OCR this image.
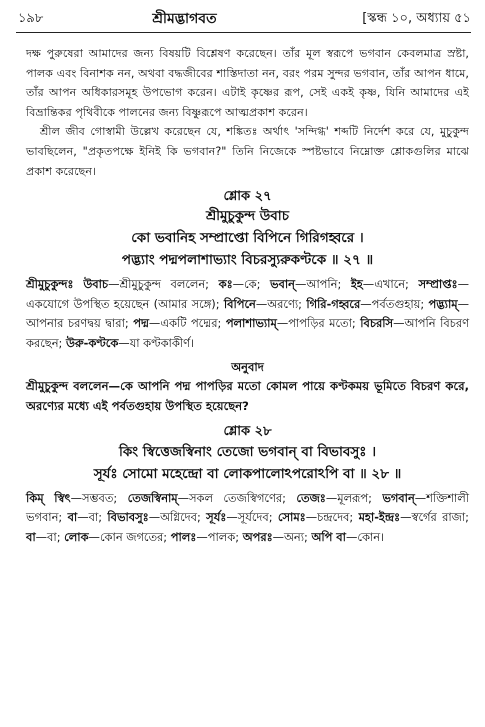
১৯৮	শ্রীমদ্ভাগবত	[স্কন্ধ ১০, অধ্যায় ৫১

দক্ষ পুরুষেরা আমাদের জন্য বিষয়টি বিশ্লেষণ করেছেন। তাঁর মূল স্বরূপে ভগবান কেবলমাত্র স্রষ্টা, পালক এবং বিনাশক নন, অথবা বদ্ধজীবের শাস্তিদাতা নন, বরং পরম সুন্দর ভগবান, তাঁর আপন ধামে, তাঁর আপন অধিকারসমূহ উপভোগ করেন। এটাই কৃষ্ণের রূপ, সেই একই কৃষ্ণ, যিনি আমাদের এই বিভ্রান্তিকর পৃথিবীকে পালনের জন্য বিষ্ণুরূপে আত্মপ্রকাশ করেন।

শ্রীল জীব গোস্বামী উল্লেখ করেছেন যে, শঙ্কিতঃ অর্থাৎ 'সন্দিগ্ধ' শব্দটি নির্দেশ করে যে, মুচুকুন্দ ভাবছিলেন, "প্রকৃতপক্ষে ইনিই কি ভগবান?" তিনি নিজেকে স্পষ্টভাবে নিম্নোক্ত শ্লোকগুলির মাঝে প্রকাশ করেছেন।

শ্লোক ২৭
শ্রীমুচুকুন্দ উবাচ
কো ভবানিহ সম্প্রাপ্তো বিপিনে গিরিগহ্বরে ।
পদ্ভ্যাং পদ্মপলাশাভ্যাং বিচরস্যুরুকণ্টকে ॥ ২৭ ॥

শ্রীমুচুকুন্দঃ উবাচ—শ্রীমুচুকুন্দ বললেন; কঃ—কে; ভবান্—আপনি; ইহ—এখানে; সম্প্রাপ্তঃ—একযোগে উপস্থিত হয়েছেন (আমার সঙ্গে); বিপিনে—অরণ্যে; গিরি-গহ্বরে—পর্বতগুহায়; পদ্ভ্যাম্—আপনার চরণদ্বয় দ্বারা; পদ্ম—একটি পদ্মের; পলাশাভ্যাম্—পাপড়ির মতো; বিচরসি—আপনি বিচরণ করছেন; উরু-কণ্টকে—যা কণ্টকাকীর্ণ।

অনুবাদ

শ্রীমুচুকুন্দ বললেন—কে আপনি পদ্ম পাপড়ির মতো কোমল পায়ে কণ্টকময় ভূমিতে বিচরণ করে, অরণ্যের মধ্যে এই পর্বতগুহায় উপস্থিত হয়েছেন?

শ্লোক ২৮
কিং স্বিত্তেজস্বিনাং তেজো ভগবান্ বা বিভাবসুঃ ।
সূর্যঃ সোমো মহেন্দ্রো বা লোকপালোঽপরোঽপি বা ॥ ২৮ ॥

কিম্ স্বিৎ—সম্ভবত; তেজস্বিনাম্—সকল তেজস্বিগণের; তেজঃ—মূলরূপ; ভগবান্—শক্তিশালী ভগবান; বা—বা; বিভাবসুঃ—অগ্নিদেব; সূর্যঃ—সূর্যদেব; সোমঃ—চন্দ্রদেব; মহা-ইন্দ্রঃ—স্বর্গের রাজা; বা—বা; লোক—কোন জগতের; পালঃ—পালক; অপরঃ—অন্য; অপি বা—কোন।
